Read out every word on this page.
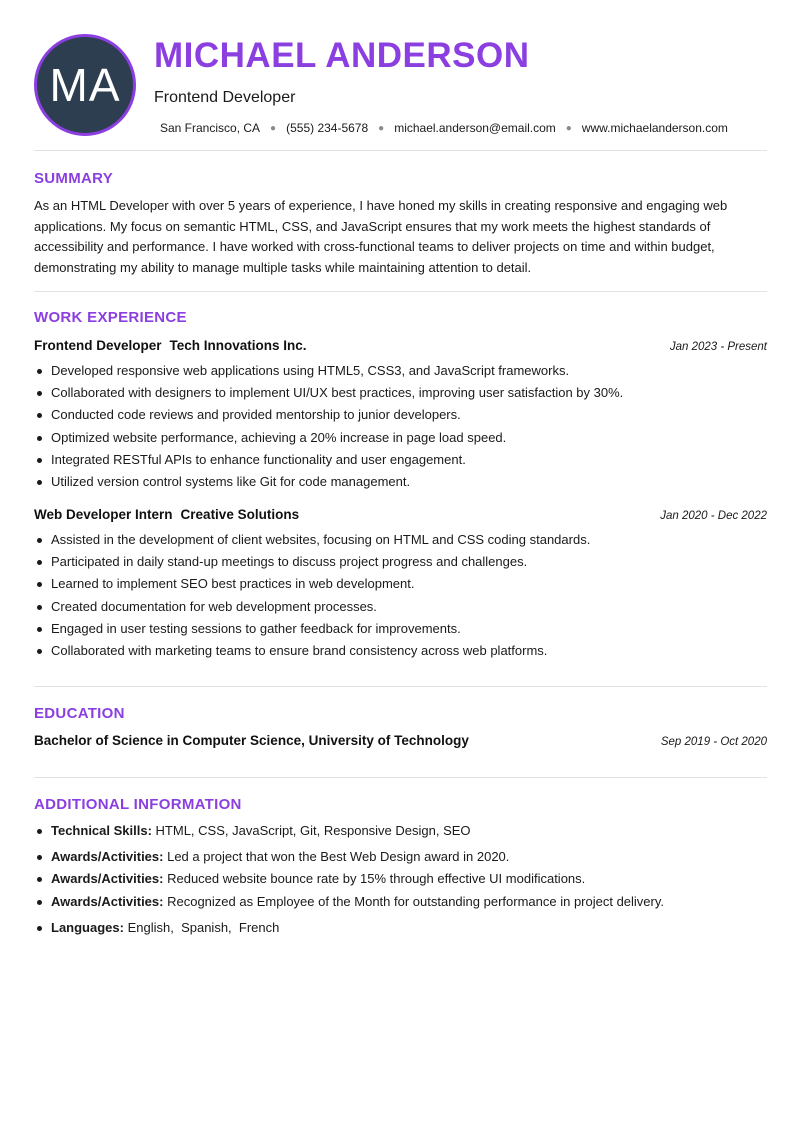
MA
MICHAEL ANDERSON
Frontend Developer
San Francisco, CA ● (555) 234-5678 ● michael.anderson@email.com ● www.michaelanderson.com
SUMMARY

As an HTML Developer with over 5 years of experience, I have honed my skills in creating responsive and engaging web applications. My focus on semantic HTML, CSS, and JavaScript ensures that my work meets the highest standards of accessibility and performance. I have worked with cross-functional teams to deliver projects on time and within budget, demonstrating my ability to manage multiple tasks while maintaining attention to detail.

WORK EXPERIENCE
Frontend Developer Tech Innovations Inc.	Jan 2023 - Present
Developed responsive web applications using HTML5, CSS3, and JavaScript frameworks.
Collaborated with designers to implement UI/UX best practices, improving user satisfaction by 30%.
Conducted code reviews and provided mentorship to junior developers.
Optimized website performance, achieving a 20% increase in page load speed.
Integrated RESTful APIs to enhance functionality and user engagement.
Utilized version control systems like Git for code management.
Web Developer Intern Creative Solutions	Jan 2020 - Dec 2022
Assisted in the development of client websites, focusing on HTML and CSS coding standards.
Participated in daily stand-up meetings to discuss project progress and challenges.
Learned to implement SEO best practices in web development.
Created documentation for web development processes.
Engaged in user testing sessions to gather feedback for improvements.
Collaborated with marketing teams to ensure brand consistency across web platforms.
EDUCATION
Bachelor of Science in Computer Science, University of Technology	Sep 2019 - Oct 2020
ADDITIONAL INFORMATION
Technical Skills: HTML, CSS, JavaScript, Git, Responsive Design, SEO
Awards/Activities: Led a project that won the Best Web Design award in 2020.
Awards/Activities: Reduced website bounce rate by 15% through effective UI modifications.
Awards/Activities: Recognized as Employee of the Month for outstanding performance in project delivery.
Languages: English,  Spanish,  French
